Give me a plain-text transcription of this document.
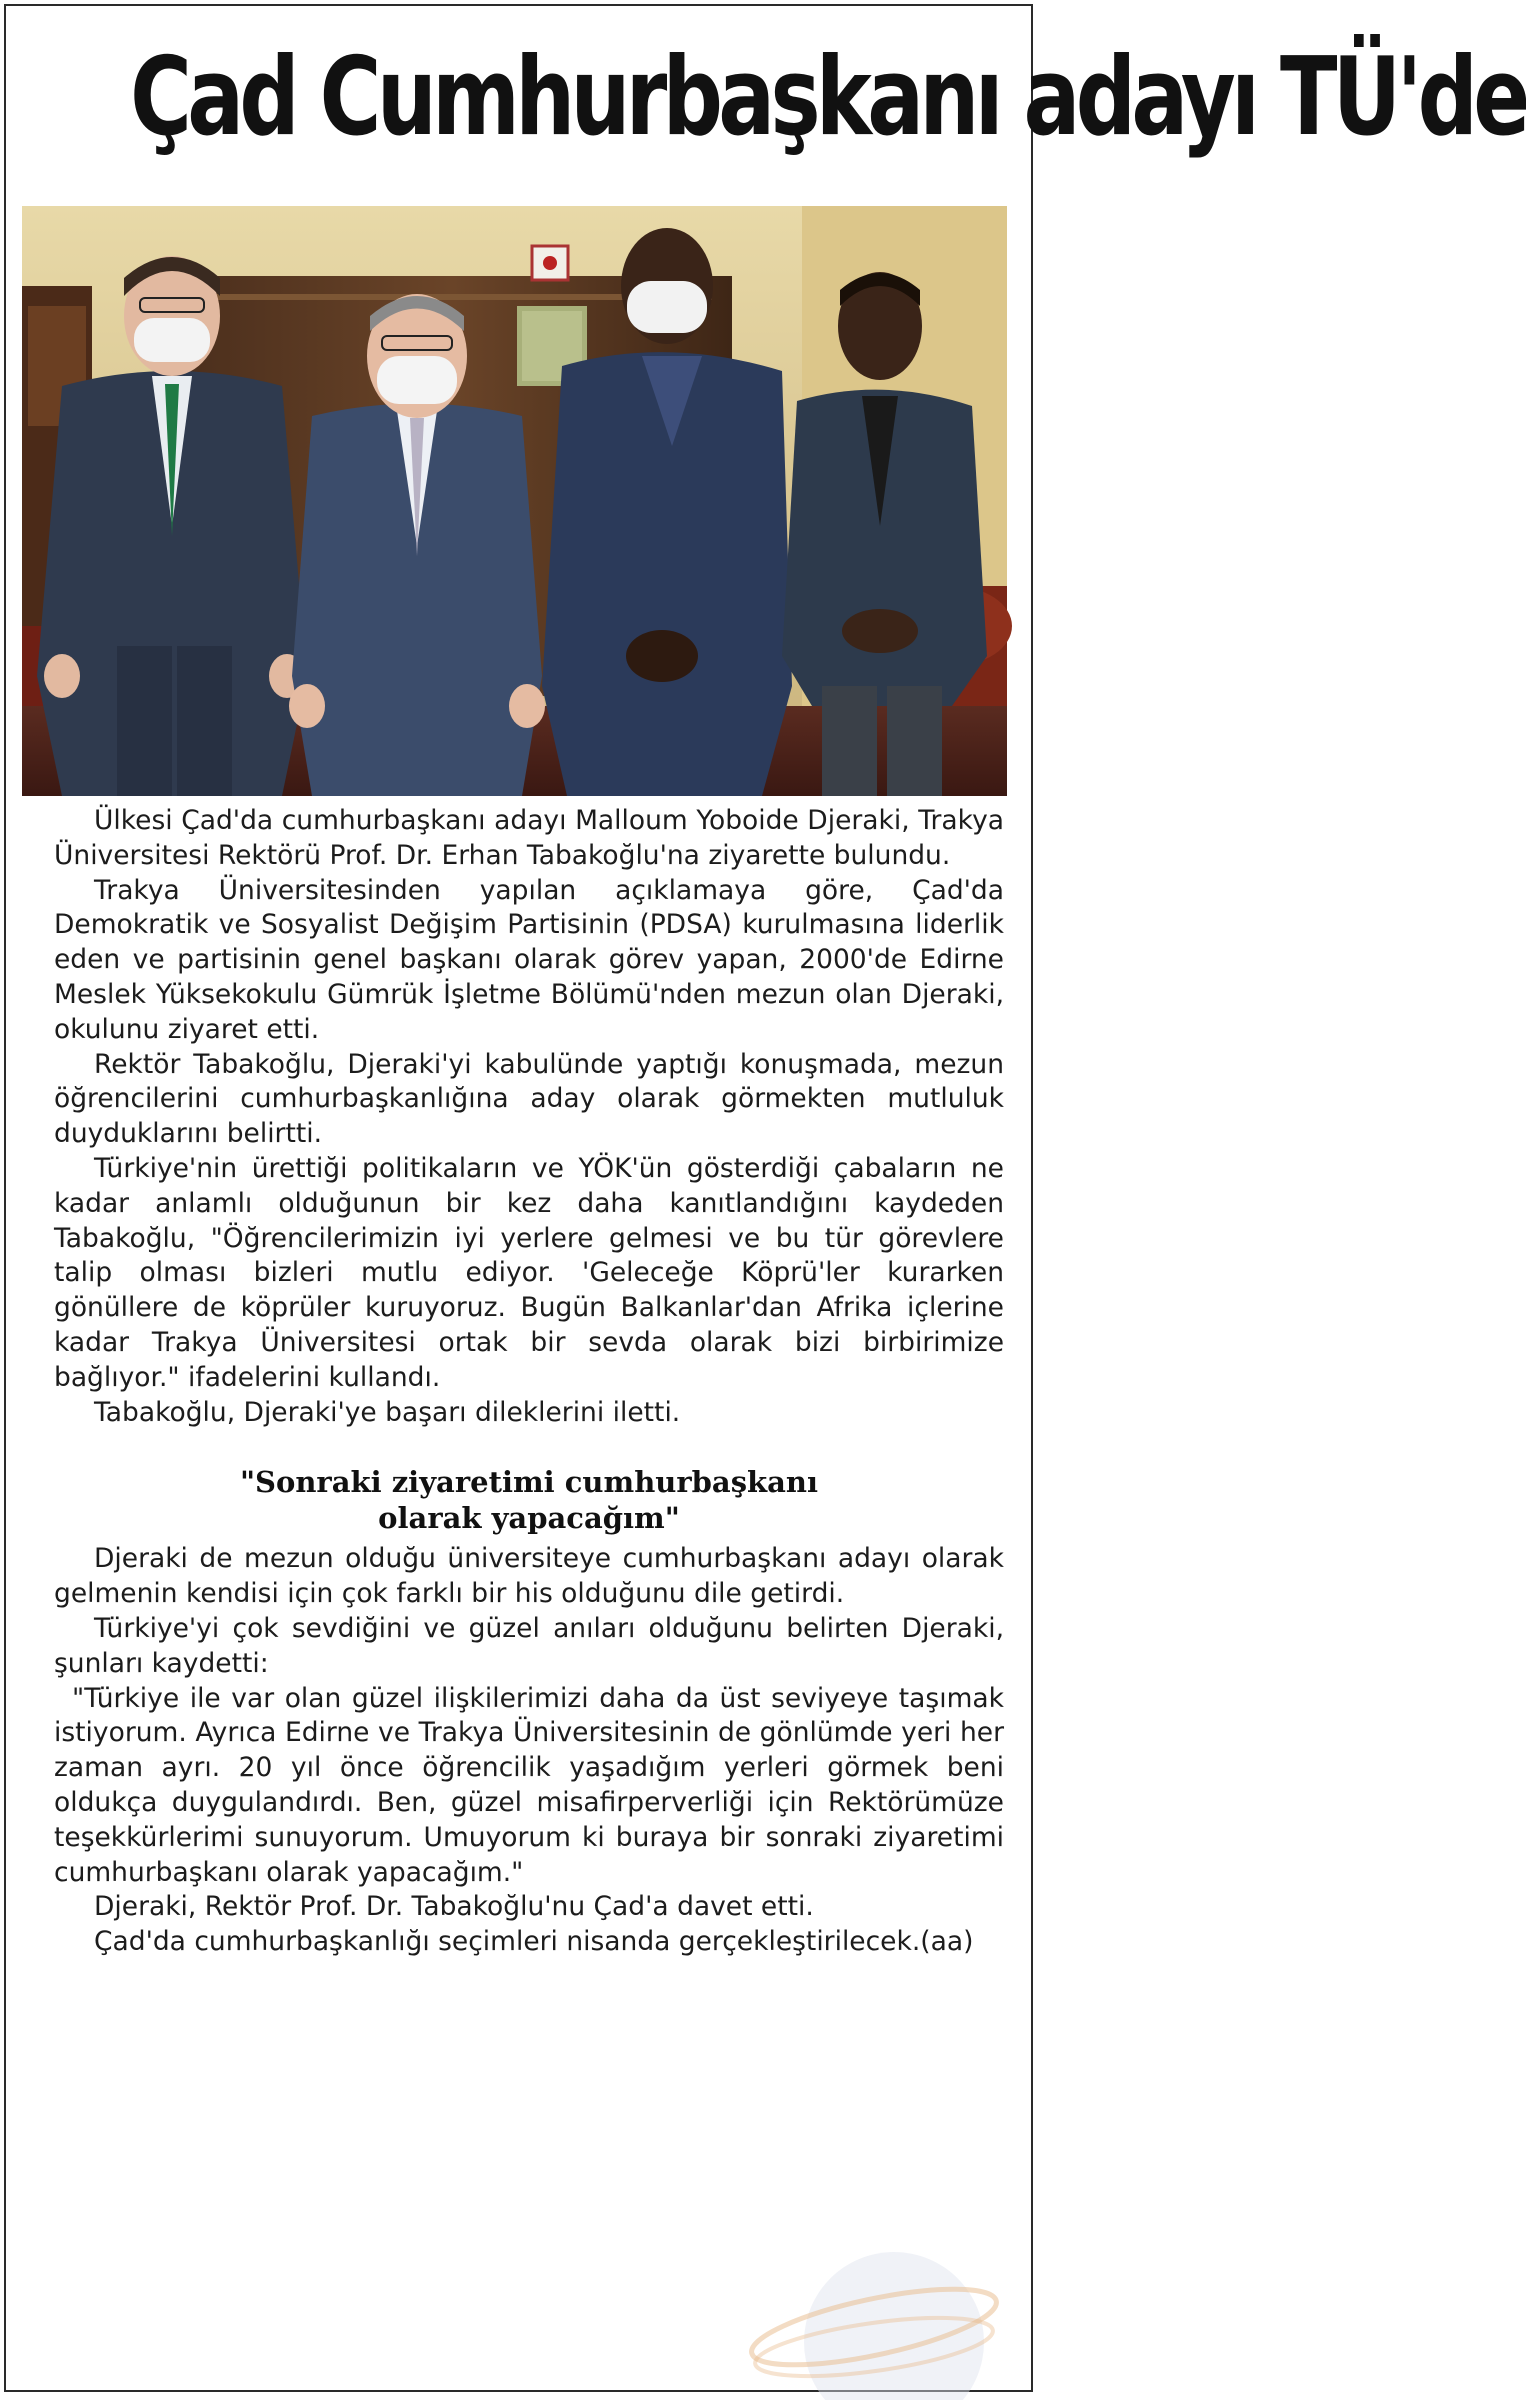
Çad Cumhurbaşkanı adayı TÜ'de

Ülkesi Çad'da cumhurbaşkanı adayı Malloum Yoboide Djeraki, Trakya Üniversitesi Rektörü Prof. Dr. Erhan Tabakoğlu'na ziyarette bulundu.

Trakya Üniversitesinden yapılan açıklamaya göre, Çad'da Demokratik ve Sosyalist Değişim Partisinin (PDSA) kurulmasına liderlik eden ve partisinin genel başkanı olarak görev yapan, 2000'de Edirne Meslek Yüksekokulu Gümrük İşletme Bölümü'nden mezun olan Djeraki, okulunu ziyaret etti.

Rektör Tabakoğlu, Djeraki'yi kabulünde yaptığı konuşmada, mezun öğrencilerini cumhurbaşkanlığına aday olarak görmekten mutluluk duyduklarını belirtti.

Türkiye'nin ürettiği politikaların ve YÖK'ün gösterdiği çabaların ne kadar anlamlı olduğunun bir kez daha kanıtlandığını kaydeden Tabakoğlu, "Öğrencilerimizin iyi yerlere gelmesi ve bu tür görevlere talip olması bizleri mutlu ediyor. 'Geleceğe Köprü'ler kurarken gönüllere de köprüler kuruyoruz. Bugün Balkanlar'dan Afrika içlerine kadar Trakya Üniversitesi ortak bir sevda olarak bizi birbirimize bağlıyor." ifadelerini kullandı.

Tabakoğlu, Djeraki'ye başarı dileklerini iletti.

"Sonraki ziyaretimi cumhurbaşkanı
olarak yapacağım"

Djeraki de mezun olduğu üniversiteye cumhurbaşkanı adayı olarak gelmenin kendisi için çok farklı bir his olduğunu dile getirdi.

Türkiye'yi çok sevdiğini ve güzel anıları olduğunu belirten Djeraki, şunları kaydetti:

"Türkiye ile var olan güzel ilişkilerimizi daha da üst seviyeye taşımak istiyorum. Ayrıca Edirne ve Trakya Üniversitesinin de gönlümde yeri her zaman ayrı. 20 yıl önce öğrencilik yaşadığım yerleri görmek beni oldukça duygulandırdı. Ben, güzel misafirperverliği için Rektörümüze teşekkürlerimi sunuyorum. Umuyorum ki buraya bir sonraki ziyaretimi cumhurbaşkanı olarak yapacağım."

Djeraki, Rektör Prof. Dr. Tabakoğlu'nu Çad'a davet etti.

Çad'da cumhurbaşkanlığı seçimleri nisanda gerçekleştirilecek.(aa)
